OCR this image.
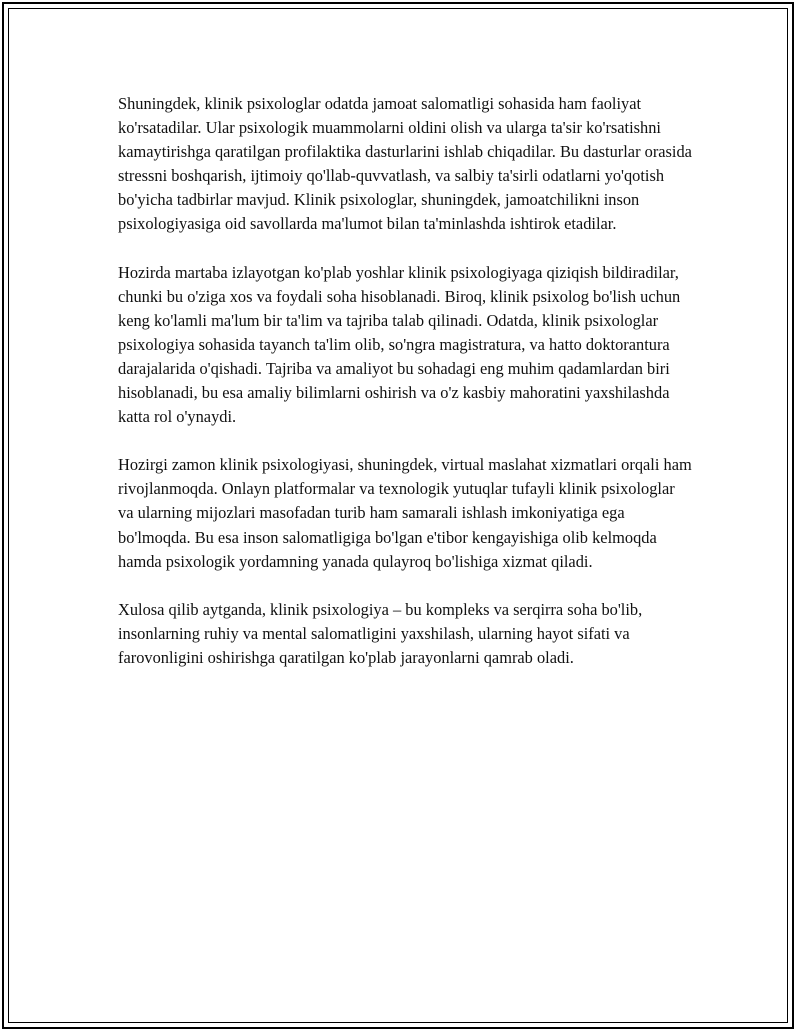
Shuningdek, klinik psixologlar odatda jamoat salomatligi sohasida ham faoliyat ko'rsatadilar. Ular psixologik muammolarni oldini olish va ularga ta'sir ko'rsatishni kamaytirishga qaratilgan profilaktika dasturlarini ishlab chiqadilar. Bu dasturlar orasida stressni boshqarish, ijtimoiy qo'llab-quvvatlash, va salbiy ta'sirli odatlarni yo'qotish bo'yicha tadbirlar mavjud. Klinik psixologlar, shuningdek, jamoatchilikni inson psixologiyasiga oid savollarda ma'lumot bilan ta'minlashda ishtirok etadilar.

Hozirda martaba izlayotgan ko'plab yoshlar klinik psixologiyaga qiziqish bildiradilar, chunki bu o'ziga xos va foydali soha hisoblanadi. Biroq, klinik psixolog bo'lish uchun keng ko'lamli ma'lum bir ta'lim va tajriba talab qilinadi. Odatda, klinik psixologlar psixologiya sohasida tayanch ta'lim olib, so'ngra magistratura, va hatto doktorantura darajalarida o'qishadi. Tajriba va amaliyot bu sohadagi eng muhim qadamlardan biri hisoblanadi, bu esa amaliy bilimlarni oshirish va o'z kasbiy mahoratini yaxshilashda katta rol o'ynaydi.

Hozirgi zamon klinik psixologiyasi, shuningdek, virtual maslahat xizmatlari orqali ham rivojlanmoqda. Onlayn platformalar va texnologik yutuqlar tufayli klinik psixologlar va ularning mijozlari masofadan turib ham samarali ishlash imkoniyatiga ega bo'lmoqda. Bu esa inson salomatligiga bo'lgan e'tibor kengayishiga olib kelmoqda hamda psixologik yordamning yanada qulayroq bo'lishiga xizmat qiladi.

Xulosa qilib aytganda, klinik psixologiya – bu kompleks va serqirra soha bo'lib, insonlarning ruhiy va mental salomatligini yaxshilash, ularning hayot sifati va farovonligini oshirishga qaratilgan ko'plab jarayonlarni qamrab oladi.
